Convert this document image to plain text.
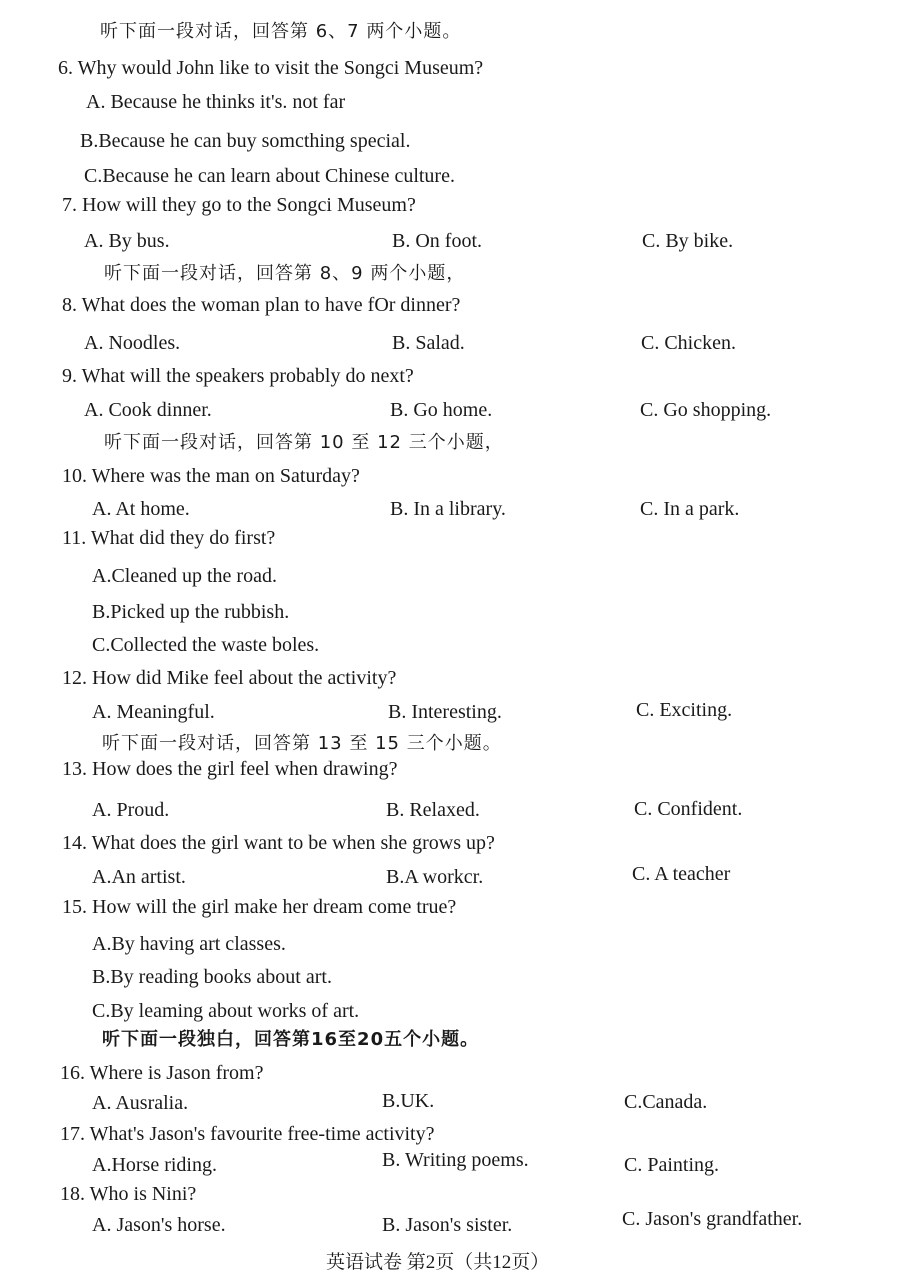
听下面一段对话，回答第 6、7 两个小题。
6. Why would John like to visit the Songci Museum?
A. Because he thinks it's. not far
B.Because he can buy somcthing special.
C.Because he can learn about Chinese culture.
7. How will they go to the Songci Museum?
A. By bus.	B. On foot.	C. By bike.
听下面一段对话，回答第 8、9 两个小题，
8. What does the woman plan to have fOr dinner?
A. Noodles.	B. Salad.	C. Chicken.
9. What will the speakers probably do next?
A. Cook dinner.	B. Go home.	C. Go shopping.
听下面一段对话，回答第 10 至 12 三个小题，
10. Where was the man on Saturday?
A. At home.	B. In a library.	C. In a park.
11. What did they do first?
A.Cleaned up the road.
B.Picked up the rubbish.
C.Collected the waste boles.
12. How did Mike feel about the activity?
A. Meaningful.	B. Interesting.	C. Exciting.
听下面一段对话，回答第 13 至 15 三个小题。
13. How does the girl feel when drawing?
A. Proud.	B. Relaxed.	C. Confident.
14. What does the girl want to be when she grows up?
A.An artist.	B.A workcr.	C. A teacher
15. How will the girl make her dream come true?
A.By having art classes.
B.By reading books about art.
C.By leaming about works of art.
听下面一段独白，回答第16至20五个小题。
16. Where is Jason from?
A. Ausralia.	B.UK.	C.Canada.
17. What's Jason's favourite free-time activity?
A.Horse riding.	B. Writing poems.	C. Painting.
18. Who is Nini?
A. Jason's horse.	B. Jason's sister.	C. Jason's grandfather.
英语试卷 第2页（共12页）
